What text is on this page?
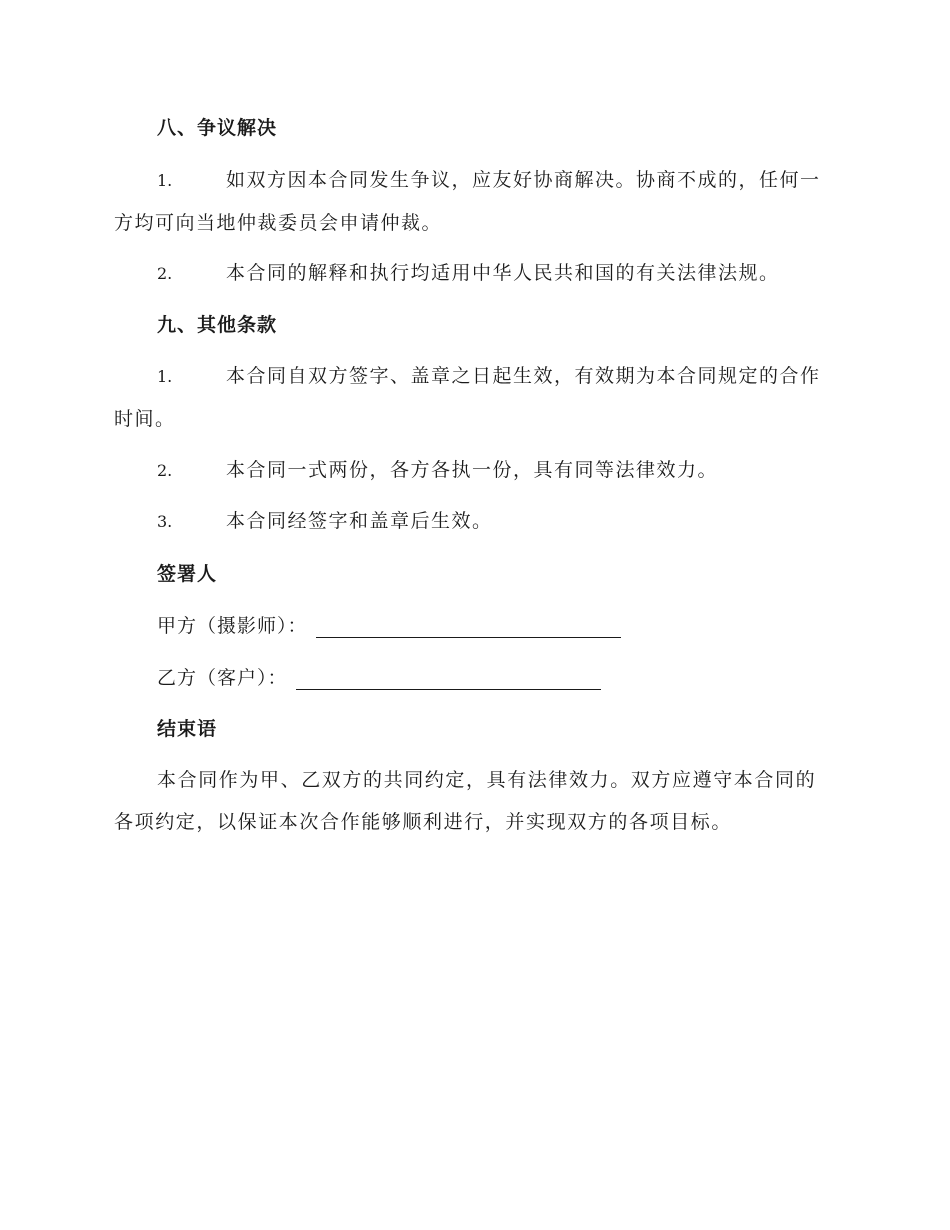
八、争议解决
1.	如双方因本合同发生争议，应友好协商解决。协商不成的，任何一方均可向当地仲裁委员会申请仲裁。
2.	本合同的解释和执行均适用中华人民共和国的有关法律法规。
九、其他条款
1.	本合同自双方签字、盖章之日起生效，有效期为本合同规定的合作时间。
2.	本合同一式两份，各方各执一份，具有同等法律效力。
3.	本合同经签字和盖章后生效。
签署人
甲方（摄影师）：
乙方（客户）：
结束语
本合同作为甲、乙双方的共同约定，具有法律效力。双方应遵守本合同的各项约定，以保证本次合作能够顺利进行，并实现双方的各项目标。
